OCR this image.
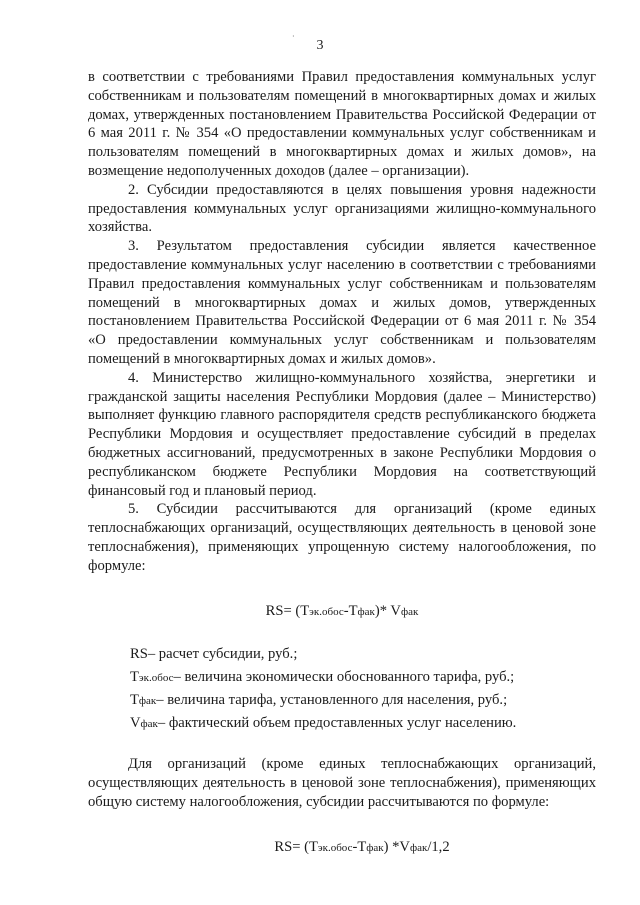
·
3

в соответствии с требованиями Правил предоставления коммунальных услуг собственникам и пользователям помещений в многоквартирных домах и жилых домах, утвержденных постановлением Правительства Российской Федерации от 6 мая 2011 г. № 354 «О предоставлении коммунальных услуг собственникам и пользователям помещений в многоквартирных домах и жилых домов», на возмещение недополученных доходов (далее – организации).

2. Субсидии предоставляются в целях повышения уровня надежности предоставления коммунальных услуг организациями жилищно-коммунального хозяйства.

3. Результатом предоставления субсидии является качественное предоставление коммунальных услуг населению в соответствии с требованиями Правил предоставления коммунальных услуг собственникам и пользователям помещений в многоквартирных домах и жилых домов, утвержденных постановлением Правительства Российской Федерации от 6 мая 2011 г. № 354 «О предоставлении коммунальных услуг собственникам и пользователям помещений в многоквартирных домах и жилых домов».

4. Министерство жилищно-коммунального хозяйства, энергетики и гражданской защиты населения Республики Мордовия (далее – Министерство) выполняет функцию главного распорядителя средств республиканского бюджета Республики Мордовия и осуществляет предоставление субсидий в пределах бюджетных ассигнований, предусмотренных в законе Республики Мордовия о республиканском бюджете Республики Мордовия на соответствующий финансовый год и плановый период.

5. Субсидии рассчитываются для организаций (кроме единых теплоснабжающих организаций, осуществляющих деятельность в ценовой зоне теплоснабжения), применяющих упрощенную систему налогообложения, по формуле:

RS= (Tэк.обос-Tфак)* Vфак
RS– расчет субсидии, руб.;
Tэк.обос– величина экономически обоснованного тарифа, руб.;
Tфак– величина тарифа, установленного для населения, руб.;
Vфак– фактический объем предоставленных услуг населению.

Для организаций (кроме единых теплоснабжающих организаций, осуществляющих деятельность в ценовой зоне теплоснабжения), применяющих общую систему налогообложения, субсидии рассчитываются по формуле:

RS= (Tэк.обос-Tфак) *Vфак/1,2
